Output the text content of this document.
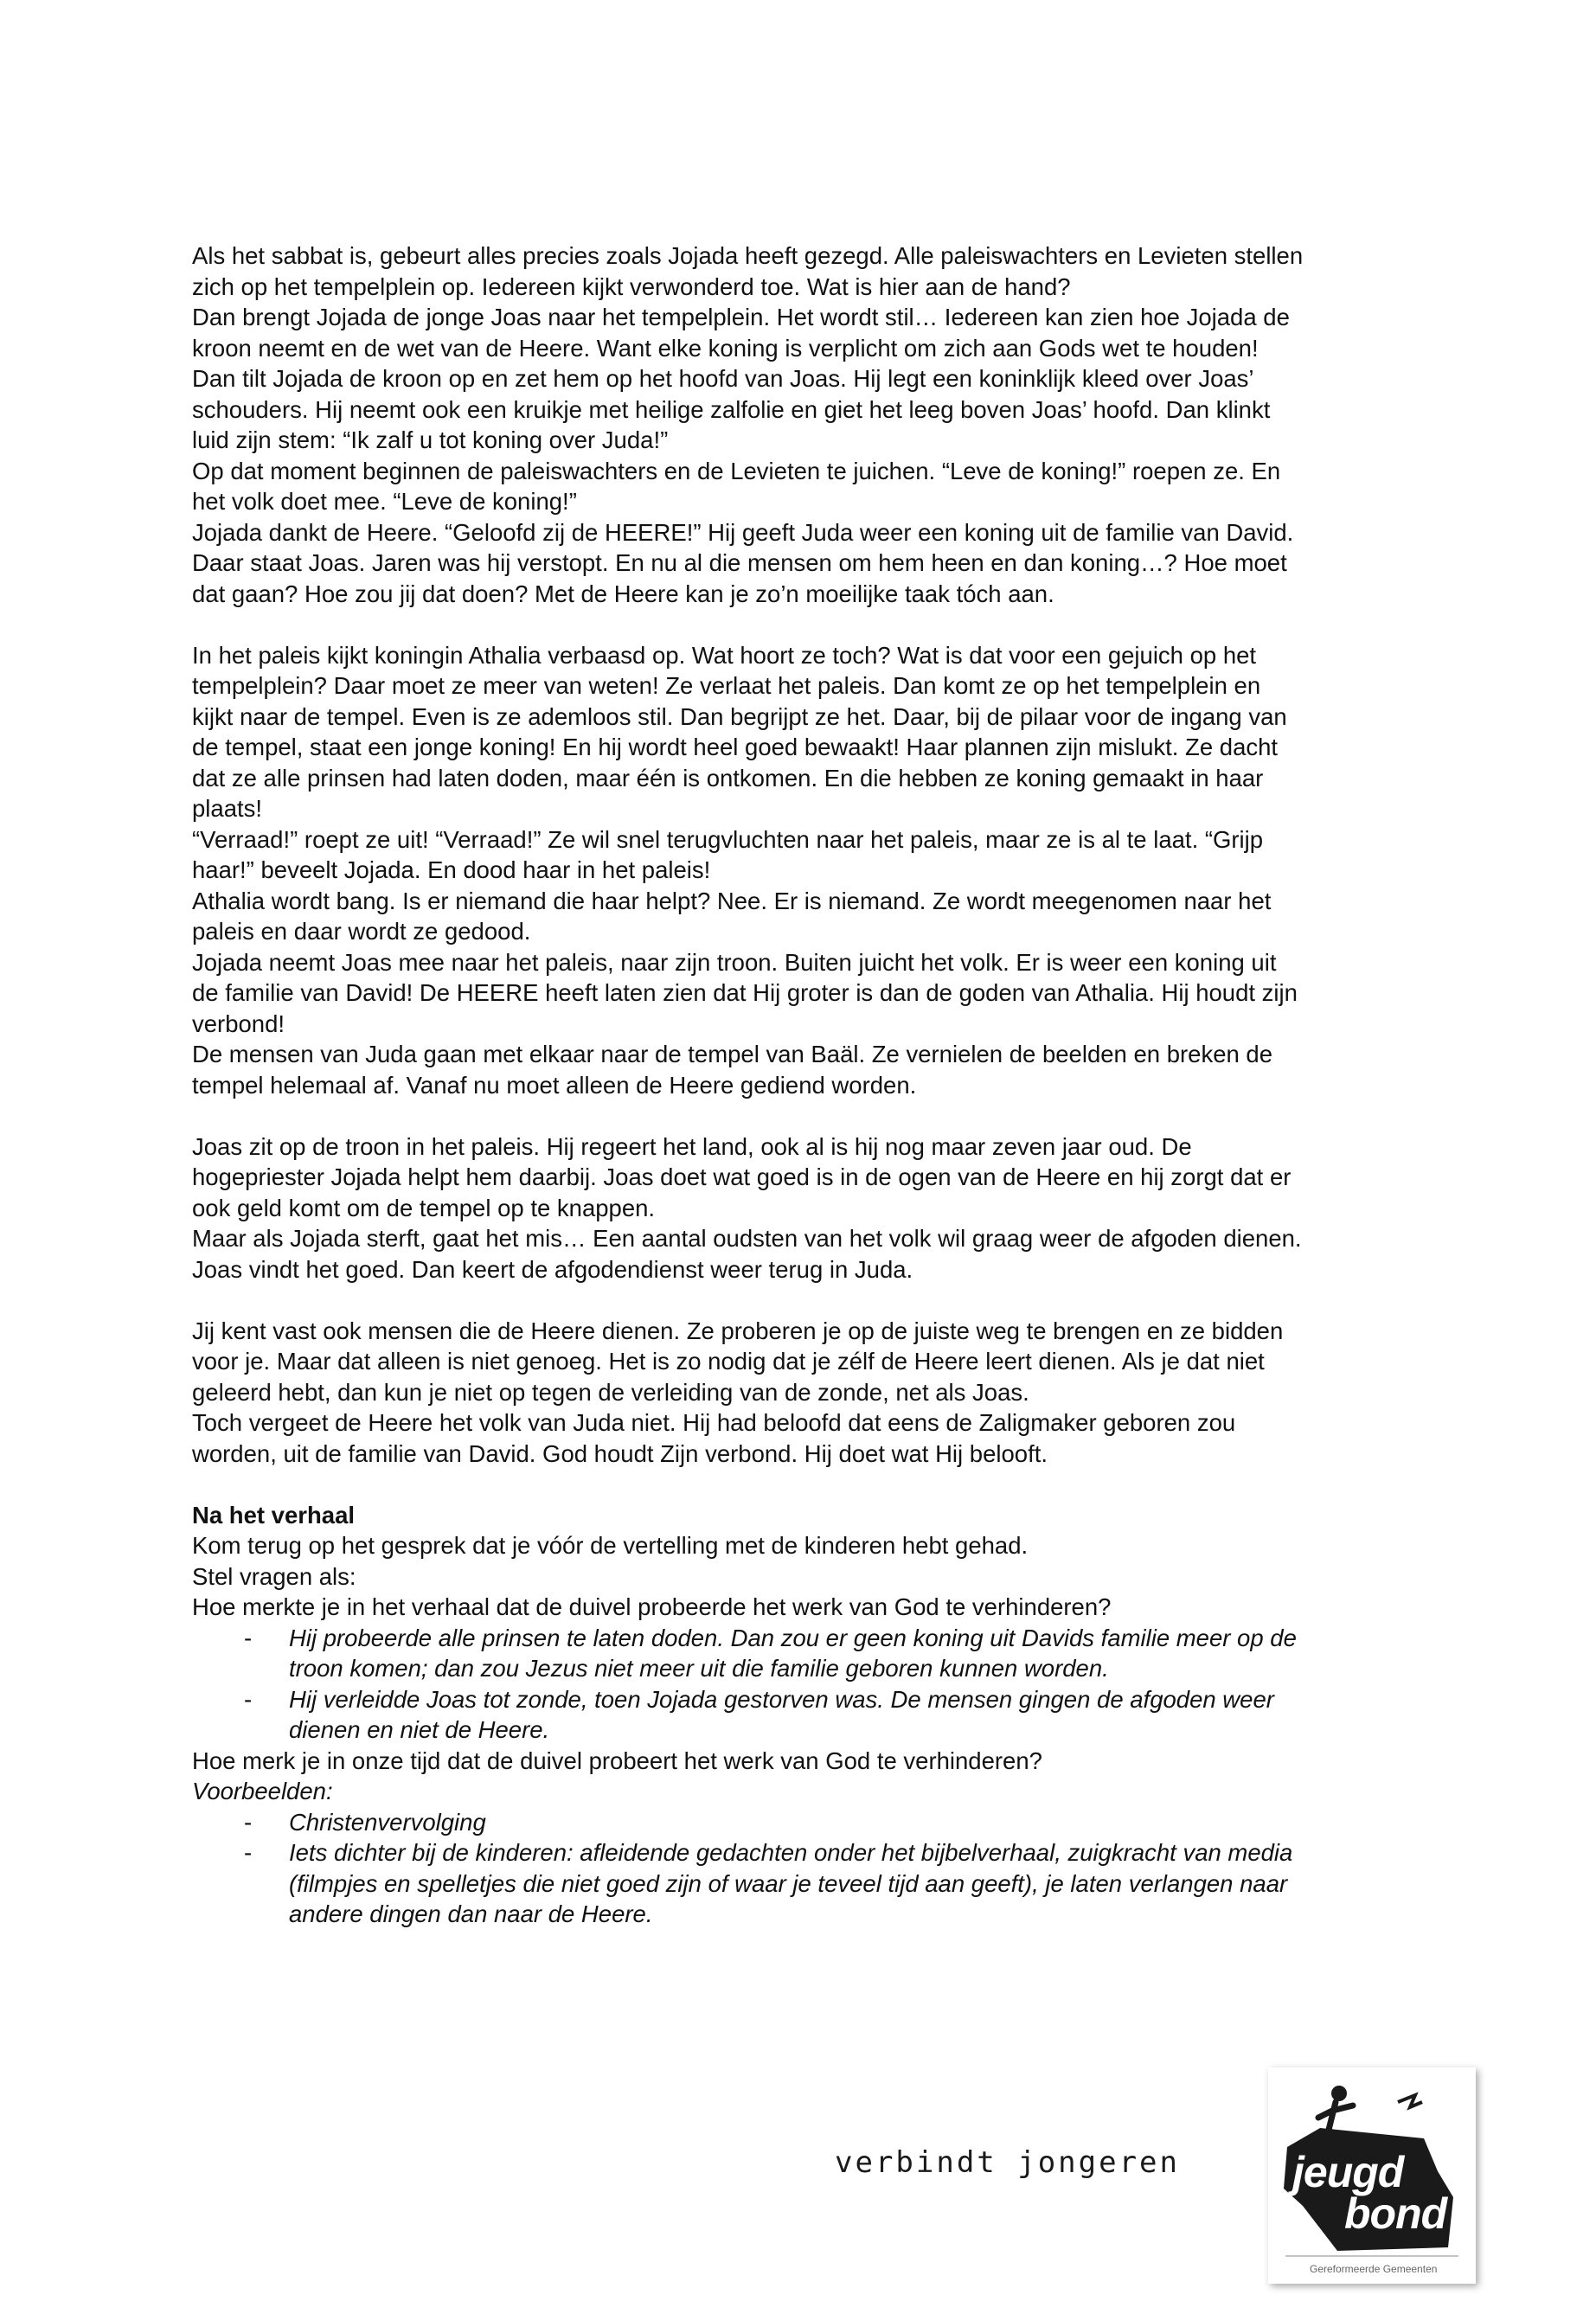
Als het sabbat is, gebeurt alles precies zoals Jojada heeft gezegd. Alle paleiswachters en Levieten stellen
zich op het tempelplein op. Iedereen kijkt verwonderd toe. Wat is hier aan de hand?
Dan brengt Jojada de jonge Joas naar het tempelplein. Het wordt stil… Iedereen kan zien hoe Jojada de
kroon neemt en de wet van de Heere. Want elke koning is verplicht om zich aan Gods wet te houden!
Dan tilt Jojada de kroon op en zet hem op het hoofd van Joas. Hij legt een koninklijk kleed over Joas’
schouders. Hij neemt ook een kruikje met heilige zalfolie en giet het leeg boven Joas’ hoofd. Dan klinkt
luid zijn stem: “Ik zalf u tot koning over Juda!”
Op dat moment beginnen de paleiswachters en de Levieten te juichen. “Leve de koning!” roepen ze. En
het volk doet mee. “Leve de koning!”
Jojada dankt de Heere. “Geloofd zij de HEERE!” Hij geeft Juda weer een koning uit de familie van David.
Daar staat Joas. Jaren was hij verstopt. En nu al die mensen om hem heen en dan koning…? Hoe moet
dat gaan? Hoe zou jij dat doen? Met de Heere kan je zo’n moeilijke taak tóch aan.

In het paleis kijkt koningin Athalia verbaasd op. Wat hoort ze toch? Wat is dat voor een gejuich op het
tempelplein? Daar moet ze meer van weten! Ze verlaat het paleis. Dan komt ze op het tempelplein en
kijkt naar de tempel. Even is ze ademloos stil. Dan begrijpt ze het. Daar, bij de pilaar voor de ingang van
de tempel, staat een jonge koning! En hij wordt heel goed bewaakt! Haar plannen zijn mislukt. Ze dacht
dat ze alle prinsen had laten doden, maar één is ontkomen. En die hebben ze koning gemaakt in haar
plaats!
“Verraad!” roept ze uit! “Verraad!” Ze wil snel terugvluchten naar het paleis, maar ze is al te laat. “Grijp
haar!” beveelt Jojada. En dood haar in het paleis!
Athalia wordt bang. Is er niemand die haar helpt? Nee. Er is niemand. Ze wordt meegenomen naar het
paleis en daar wordt ze gedood.
Jojada neemt Joas mee naar het paleis, naar zijn troon. Buiten juicht het volk. Er is weer een koning uit
de familie van David! De HEERE heeft laten zien dat Hij groter is dan de goden van Athalia. Hij houdt zijn
verbond!
De mensen van Juda gaan met elkaar naar de tempel van Baäl. Ze vernielen de beelden en breken de
tempel helemaal af. Vanaf nu moet alleen de Heere gediend worden.

Joas zit op de troon in het paleis. Hij regeert het land, ook al is hij nog maar zeven jaar oud. De
hogepriester Jojada helpt hem daarbij. Joas doet wat goed is in de ogen van de Heere en hij zorgt dat er
ook geld komt om de tempel op te knappen.
Maar als Jojada sterft, gaat het mis… Een aantal oudsten van het volk wil graag weer de afgoden dienen.
Joas vindt het goed. Dan keert de afgodendienst weer terug in Juda.

Jij kent vast ook mensen die de Heere dienen. Ze proberen je op de juiste weg te brengen en ze bidden
voor je. Maar dat alleen is niet genoeg. Het is zo nodig dat je zélf de Heere leert dienen. Als je dat niet
geleerd hebt, dan kun je niet op tegen de verleiding van de zonde, net als Joas.
Toch vergeet de Heere het volk van Juda niet. Hij had beloofd dat eens de Zaligmaker geboren zou
worden, uit de familie van David. God houdt Zijn verbond. Hij doet wat Hij belooft.

Na het verhaal

Kom terug op het gesprek dat je vóór de vertelling met de kinderen hebt gehad.

Stel vragen als:

Hoe merkte je in het verhaal dat de duivel probeerde het werk van God te verhinderen?

- Hij probeerde alle prinsen te laten doden. Dan zou er geen koning uit Davids familie meer op de
troon komen; dan zou Jezus niet meer uit die familie geboren kunnen worden.
- Hij verleidde Joas tot zonde, toen Jojada gestorven was. De mensen gingen de afgoden weer
dienen en niet de Heere.

Hoe merk je in onze tijd dat de duivel probeert het werk van God te verhinderen?

Voorbeelden:

- Christenvervolging
- Iets dichter bij de kinderen: afleidende gedachten onder het bijbelverhaal, zuigkracht van media
(filmpjes en spelletjes die niet goed zijn of waar je teveel tijd aan geeft), je laten verlangen naar
andere dingen dan naar de Heere.
verbindt jongeren	jeugd
bond
Gereformeerde Gemeenten
